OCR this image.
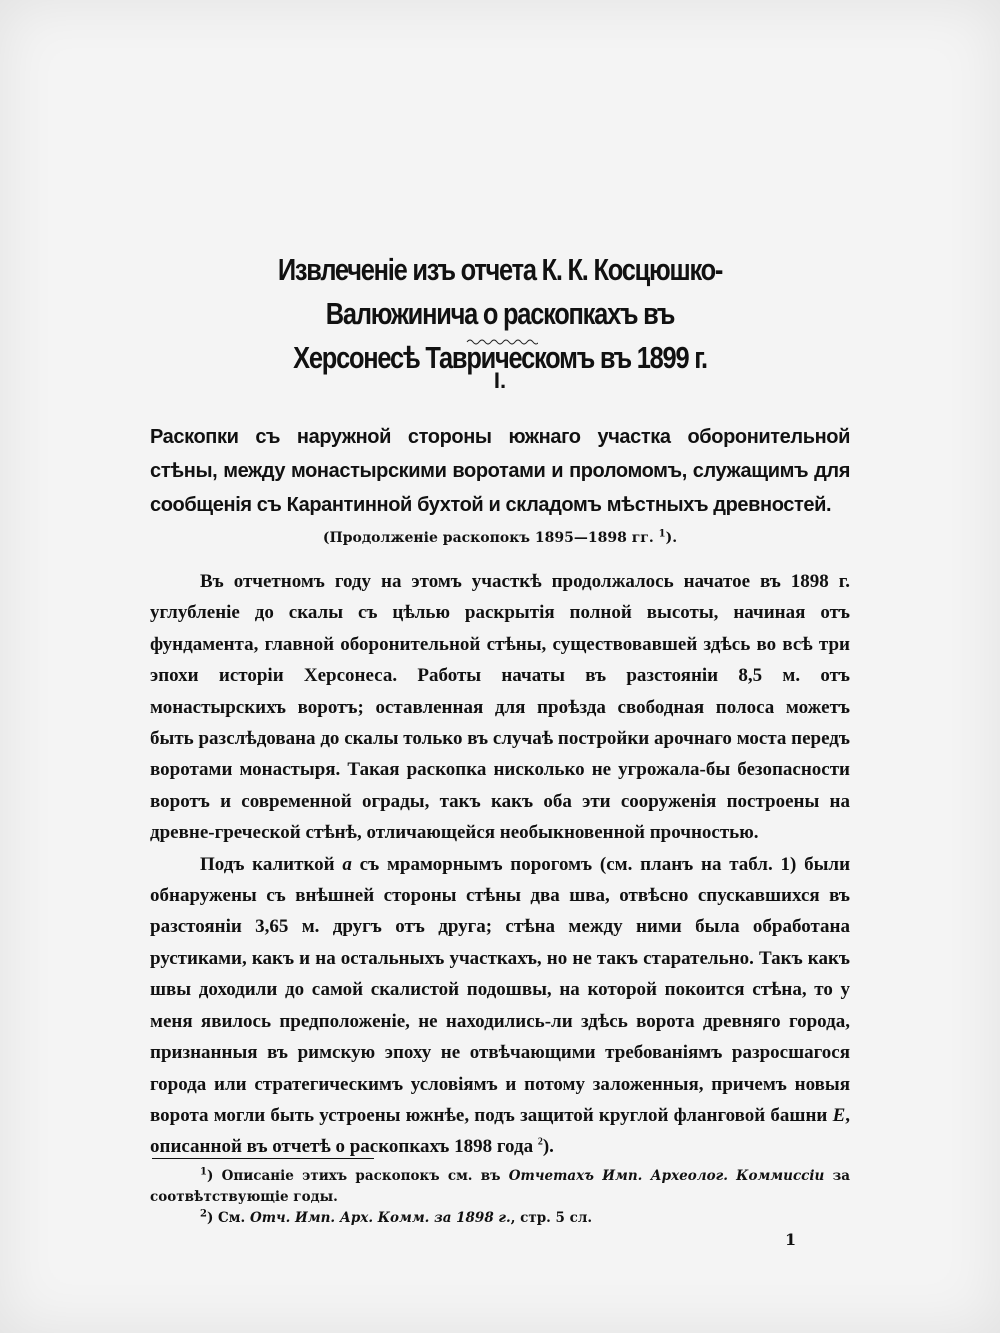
Извлеченіе изъ отчета К. К. Косцюшко-Валюжинича о раскопкахъ въ
Херсонесѣ Таврическомъ въ 1899 г.
I.
Раскопки съ наружной стороны южнаго участка оборонительной стѣны, между монастырскими воротами и проломомъ, служащимъ для сообщенія съ Карантинной бухтой и складомъ мѣстныхъ древностей.
(Продолженіе раскопокъ 1895—1898 гг. $^1$).

Въ отчетномъ году на этомъ участкѣ продолжалось начатое въ 1898 г. углубленіе до скалы съ цѣлью раскрытія полной высоты, начиная отъ фундамента, главной оборонительной стѣны, существовавшей здѣсь во всѣ три эпохи исторіи Херсонеса. Работы начаты въ разстояніи 8,5 м. отъ монастырскихъ воротъ; оставленная для проѣзда свободная полоса можетъ быть разслѣдована до скалы только въ случаѣ постройки арочнаго моста передъ воротами монастыря. Такая раскопка нисколько не угрожала-бы безопасности воротъ и современной ограды, такъ какъ оба эти сооруженія построены на древне-греческой стѣнѣ, отличающейся необыкновенной прочностью.

Подъ калиткой a съ мраморнымъ порогомъ (см. планъ на табл. 1) были обнаружены съ внѣшней стороны стѣны два шва, отвѣсно спускавшихся въ разстояніи 3,65 м. другъ отъ друга; стѣна между ними была обработана рустиками, какъ и на остальныхъ участкахъ, но не такъ старательно. Такъ какъ швы доходили до самой скалистой подошвы, на которой покоится стѣна, то у меня явилось предположеніе, не находились-ли здѣсь ворота древняго города, признанныя въ римскую эпоху не отвѣчающими требованіямъ разросшагося города или стратегическимъ условіямъ и потому заложенныя, причемъ новыя ворота могли быть устроены южнѣе, подъ защитой круглой фланговой башни E, описанной въ отчетѣ о раскопкахъ 1898 года $^2$).

$^1$) Описаніе этихъ раскопокъ см. въ Отчетахъ Имп. Археолог. Коммиссіи за соотвѣтствующіе годы.

$^2$) См. Отч. Имп. Арх. Комм. за 1898 г., стр. 5 сл.

1
